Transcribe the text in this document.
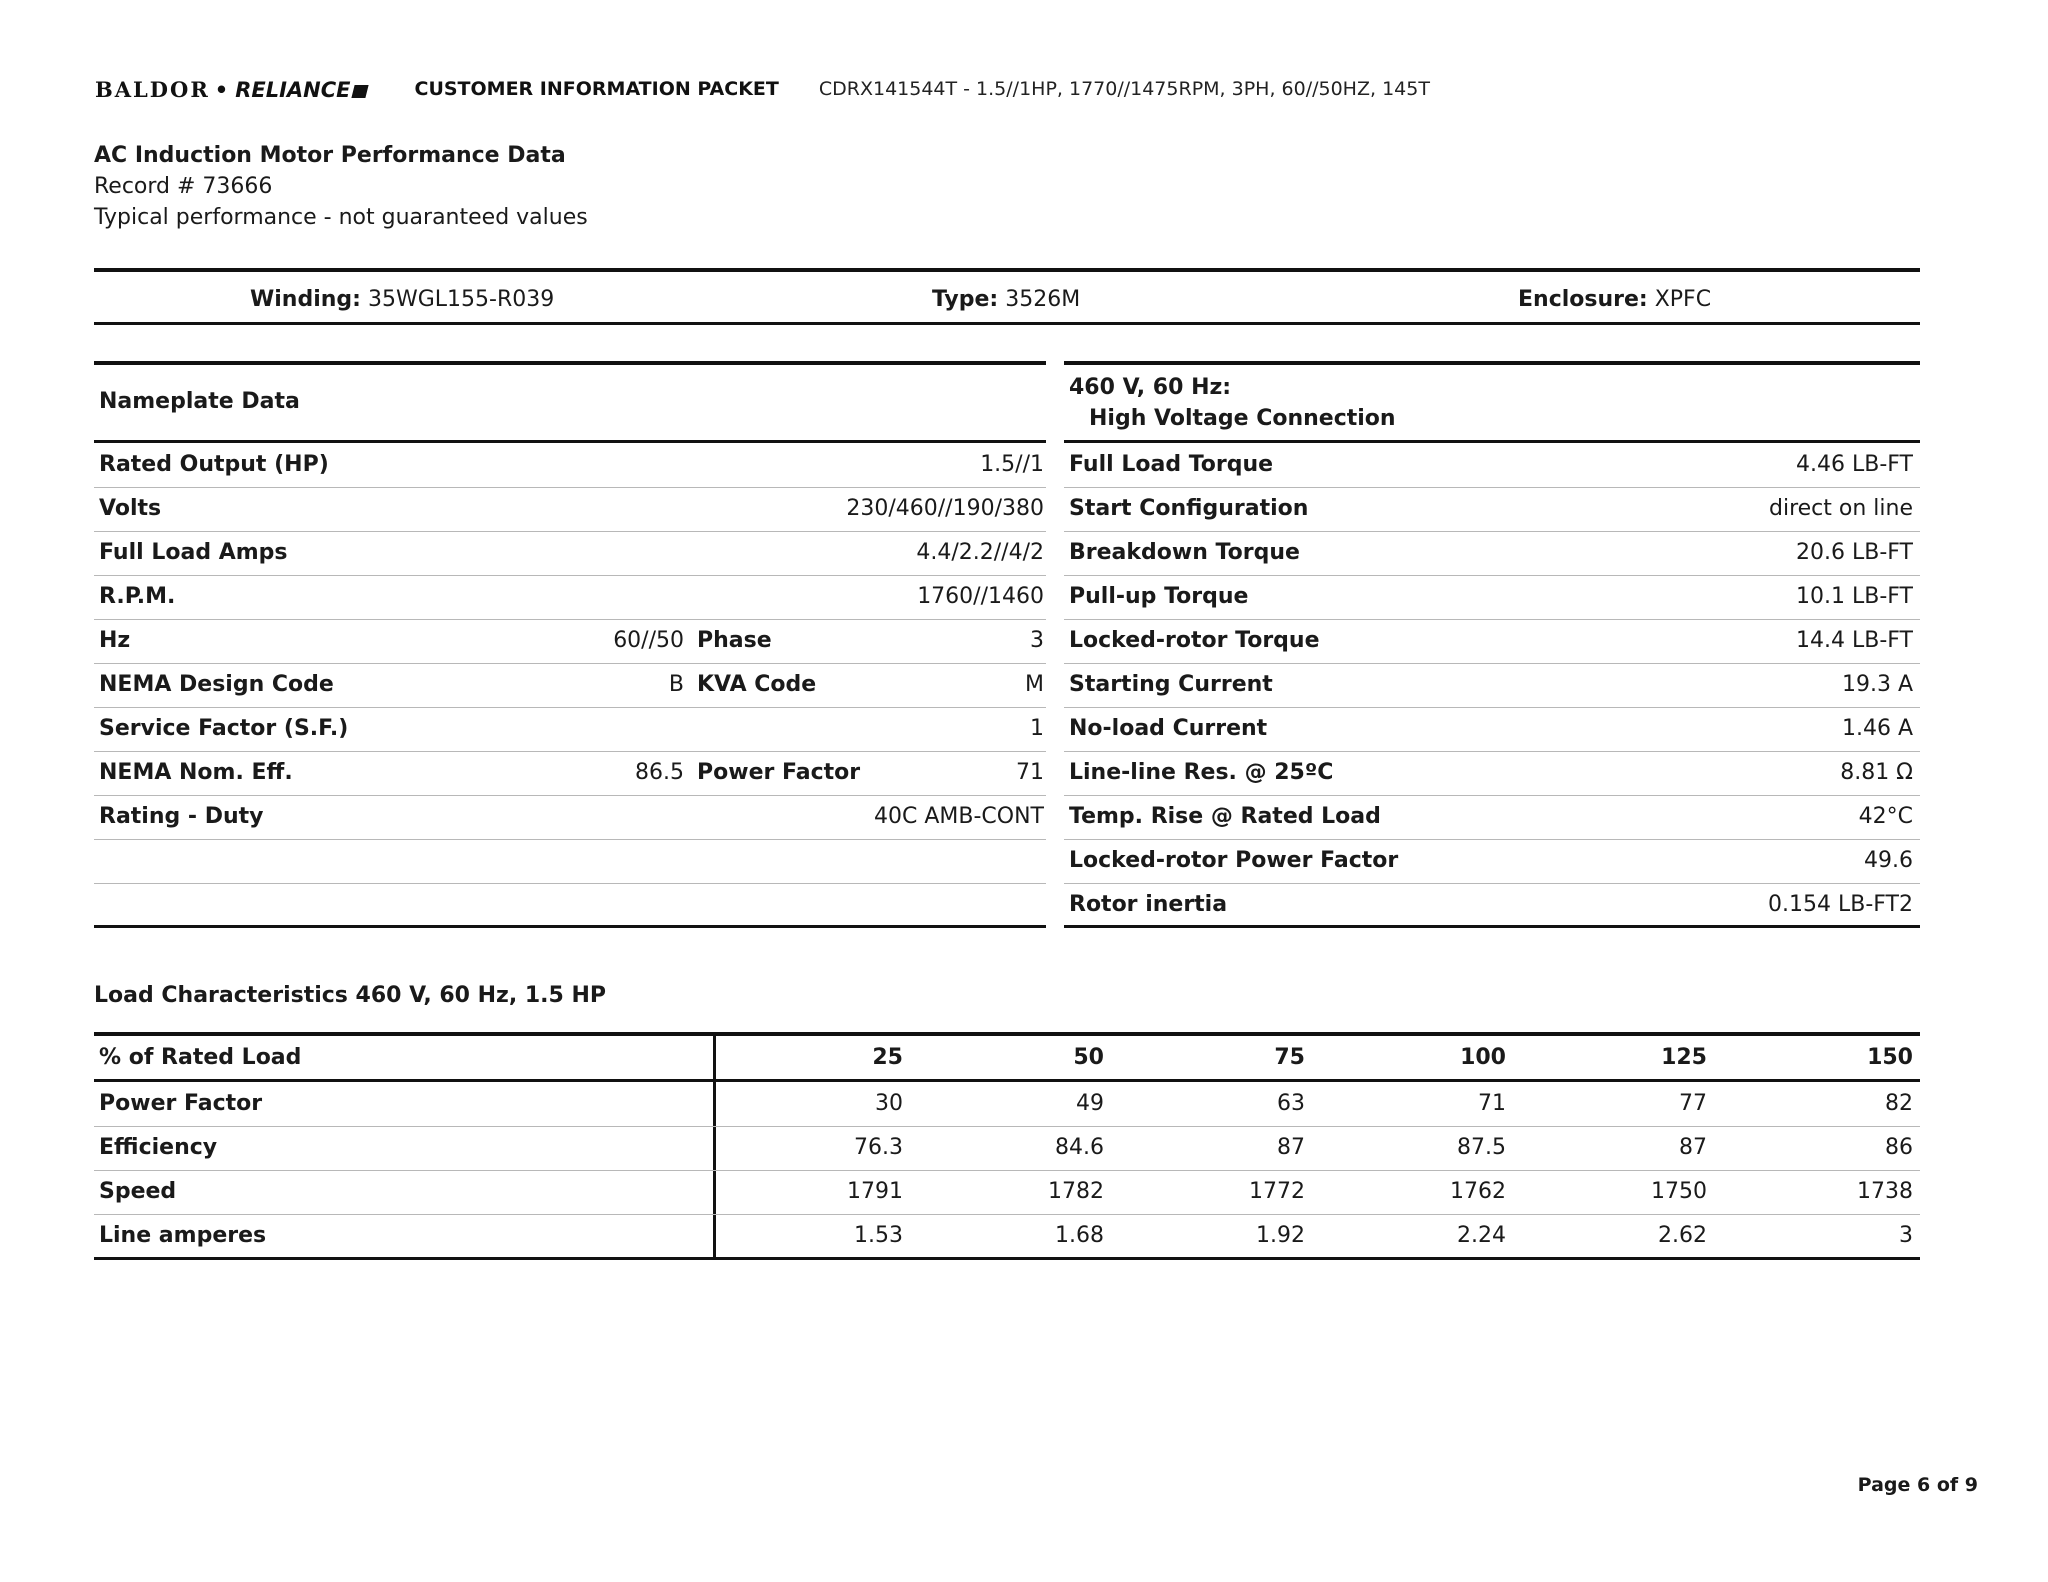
BALDOR • RELIANCE	CUSTOMER INFORMATION PACKET CDRX141544T - 1.5//1HP, 1770//1475RPM, 3PH, 60//50HZ, 145T
AC Induction Motor Performance Data
Record # 73666
Typical performance - not guaranteed values
Winding: 35WGL155-R039	Type: 3526M	Enclosure: XPFC
Nameplate Data
Rated Output (HP)	1.5//1
Volts	230/460//190/380
Full Load Amps	4.4/2.2//4/2
R.P.M.	1760//1460
Hz	60//50 Phase	3
NEMA Design Code	B KVA Code	M
Service Factor (S.F.)	1
NEMA Nom. Eff.	86.5 Power Factor	71
Rating - Duty	40C AMB-CONT
460 V, 60 Hz:
High Voltage Connection
Full Load Torque	4.46 LB-FT
Start Configuration	direct on line
Breakdown Torque	20.6 LB-FT
Pull-up Torque	10.1 LB-FT
Locked-rotor Torque	14.4 LB-FT
Starting Current	19.3 A
No-load Current	1.46 A
Line-line Res. @ 25ºC	8.81 Ω
Temp. Rise @ Rated Load	42°C
Locked-rotor Power Factor	49.6
Rotor inertia	0.154 LB-FT2
Load Characteristics 460 V, 60 Hz, 1.5 HP
% of Rated Load	25	50	75	100	125	150
Power Factor	30	49	63	71	77	82
Efficiency	76.3	84.6	87	87.5	87	86
Speed	1791	1782	1772	1762	1750	1738
Line amperes	1.53	1.68	1.92	2.24	2.62	3
Page 6 of 9
